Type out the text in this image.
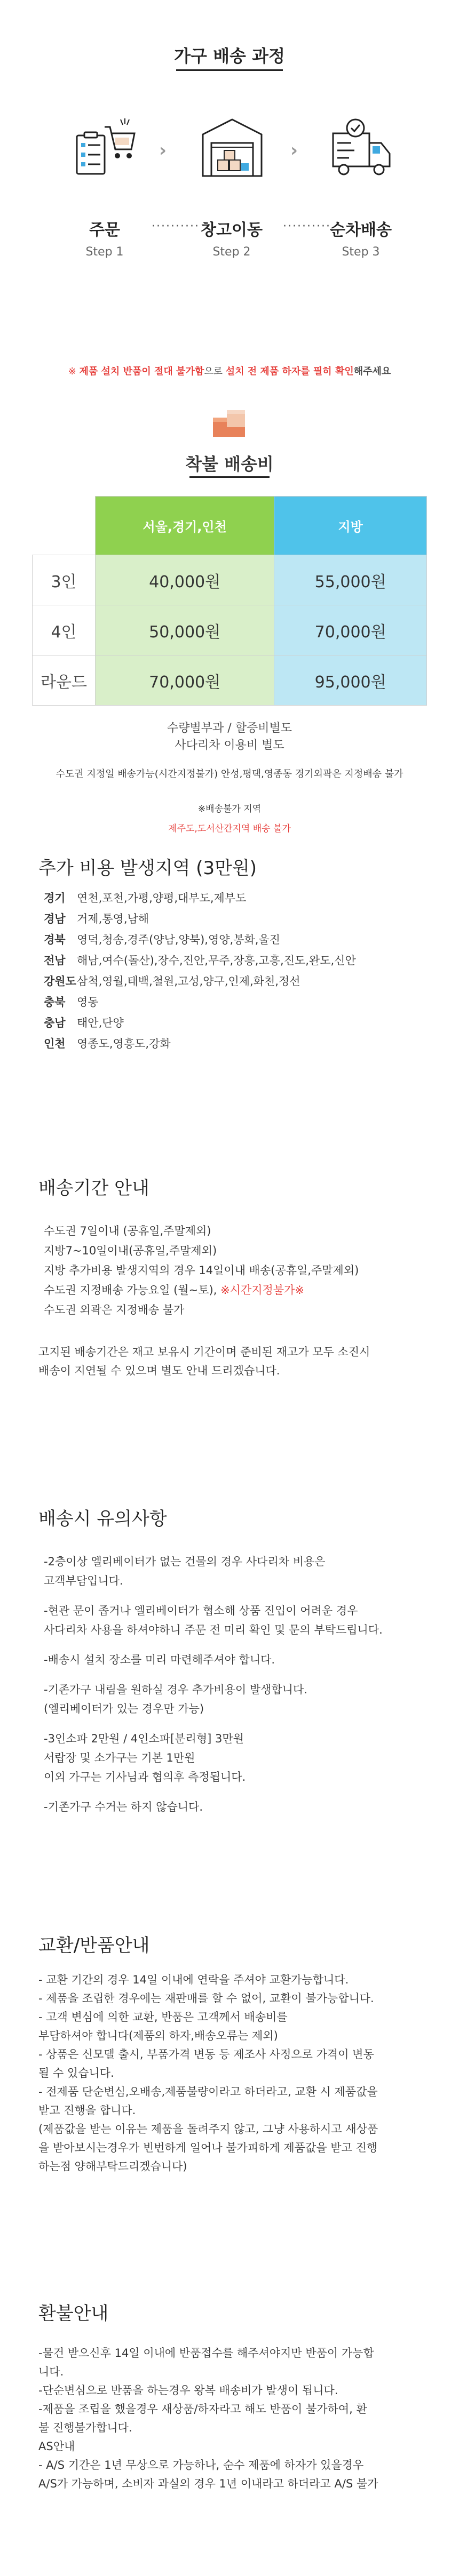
가구 배송 과정
›	›
주문
Step 1
·········· 창고이동
Step 2
··········
순차배송
Step 3
※ 제품 설치 반품이 절대 불가함으로 설치 전 제품 하자를 필히 확인해주세요
착불 배송비
	서울,경기,인천	지방
3인	40,000원	55,000원
4인	50,000원	70,000원
라운드	70,000원	95,000원
수량별부과 / 할증비별도
사다리차 이용비 별도
수도권 지정일 배송가능(시간지정불가) 안성,평택,영종동 경기외곽은 지정배송 불가
※배송불가 지역
제주도,도서산간지역 배송 불가
추가 비용 발생지역 (3만원)
경기	연천,포천,가평,양평,대부도,제부도
경남	거제,통영,남해
경북	영덕,청송,경주(양남,양북),영양,봉화,울진
전남	해남,여수(돌산),장수,진안,무주,장흥,고흥,진도,완도,신안
강원도 삼척,영월,태백,철원,고성,양구,인제,화천,정선
충북	영동
충남	태안,단양
인천	영종도,영흥도,강화
배송기간 안내
수도권 7일이내 (공휴일,주말제외)
지방7~10일이내(공휴일,주말제외)
지방 추가비용 발생지역의 경우 14일이내 배송(공휴일,주말제외)
수도권 지정배송 가능요일 (월~토), ※시간지정불가※
수도권 외곽은 지정배송 불가

고지된 배송기간은 재고 보유시 기간이며 준비된 재고가 모두 소진시

배송이 지연될 수 있으며 별도 안내 드리겠습니다.

배송시 유의사항

-2층이상 엘리베이터가 없는 건물의 경우 사다리차 비용은
고객부담입니다.

-현관 문이 좁거나 엘리베이터가 협소해 상품 진입이 어려운 경우
사다리차 사용을 하셔야하니 주문 전 미리 확인 및 문의 부탁드립니다.

-배송시 설치 장소를 미리 마련해주셔야 합니다.

-기존가구 내림을 원하실 경우 추가비용이 발생합니다.
(엘리베이터가 있는 경우만 가능)

-3인소파 2만원 / 4인소파[분리형] 3만원
서랍장 및 소가구는 기본 1만원
이외 가구는 기사님과 협의후 측정됩니다.

-기존가구 수거는 하지 않습니다.

교환/반품안내

- 교환 기간의 경우 14일 이내에 연락을 주셔야 교환가능합니다.

- 제품을 조립한 경우에는 재판매를 할 수 없어, 교환이 불가능합니다.

- 고객 변심에 의한 교환, 반품은 고객께서 배송비를

부담하셔야 합니다(제품의 하자,배송오류는 제외)

- 상품은 신모델 출시, 부품가격 변동 등 제조사 사정으로 가격이 변동

될 수 있습니다.

- 전제품 단순변심,오배송,제품불량이라고 하더라고, 교환 시 제품값을

받고 진행을 합니다.

(제품값을 받는 이유는 제품을 돌려주지 않고, 그냥 사용하시고 새상품

을 받아보시는경우가 빈번하게 일어나 불가피하게 제품값을 받고 진행

하는점 양해부탁드리겠습니다)

환불안내

-물건 받으신후 14일 이내에 반품접수를 해주셔야지만 반품이 가능합

니다.

-단순변심으로 반품을 하는경우 왕복 배송비가 발생이 됩니다.

-제품을 조립을 했을경우 새상품/하자라고 해도 반품이 불가하여, 환

불 진행불가합니다.

AS안내

- A/S 기간은 1년 무상으로 가능하나, 순수 제품에 하자가 있을경우

A/S가 가능하며, 소비자 과실의 경우 1년 이내라고 하더라고 A/S 불가
